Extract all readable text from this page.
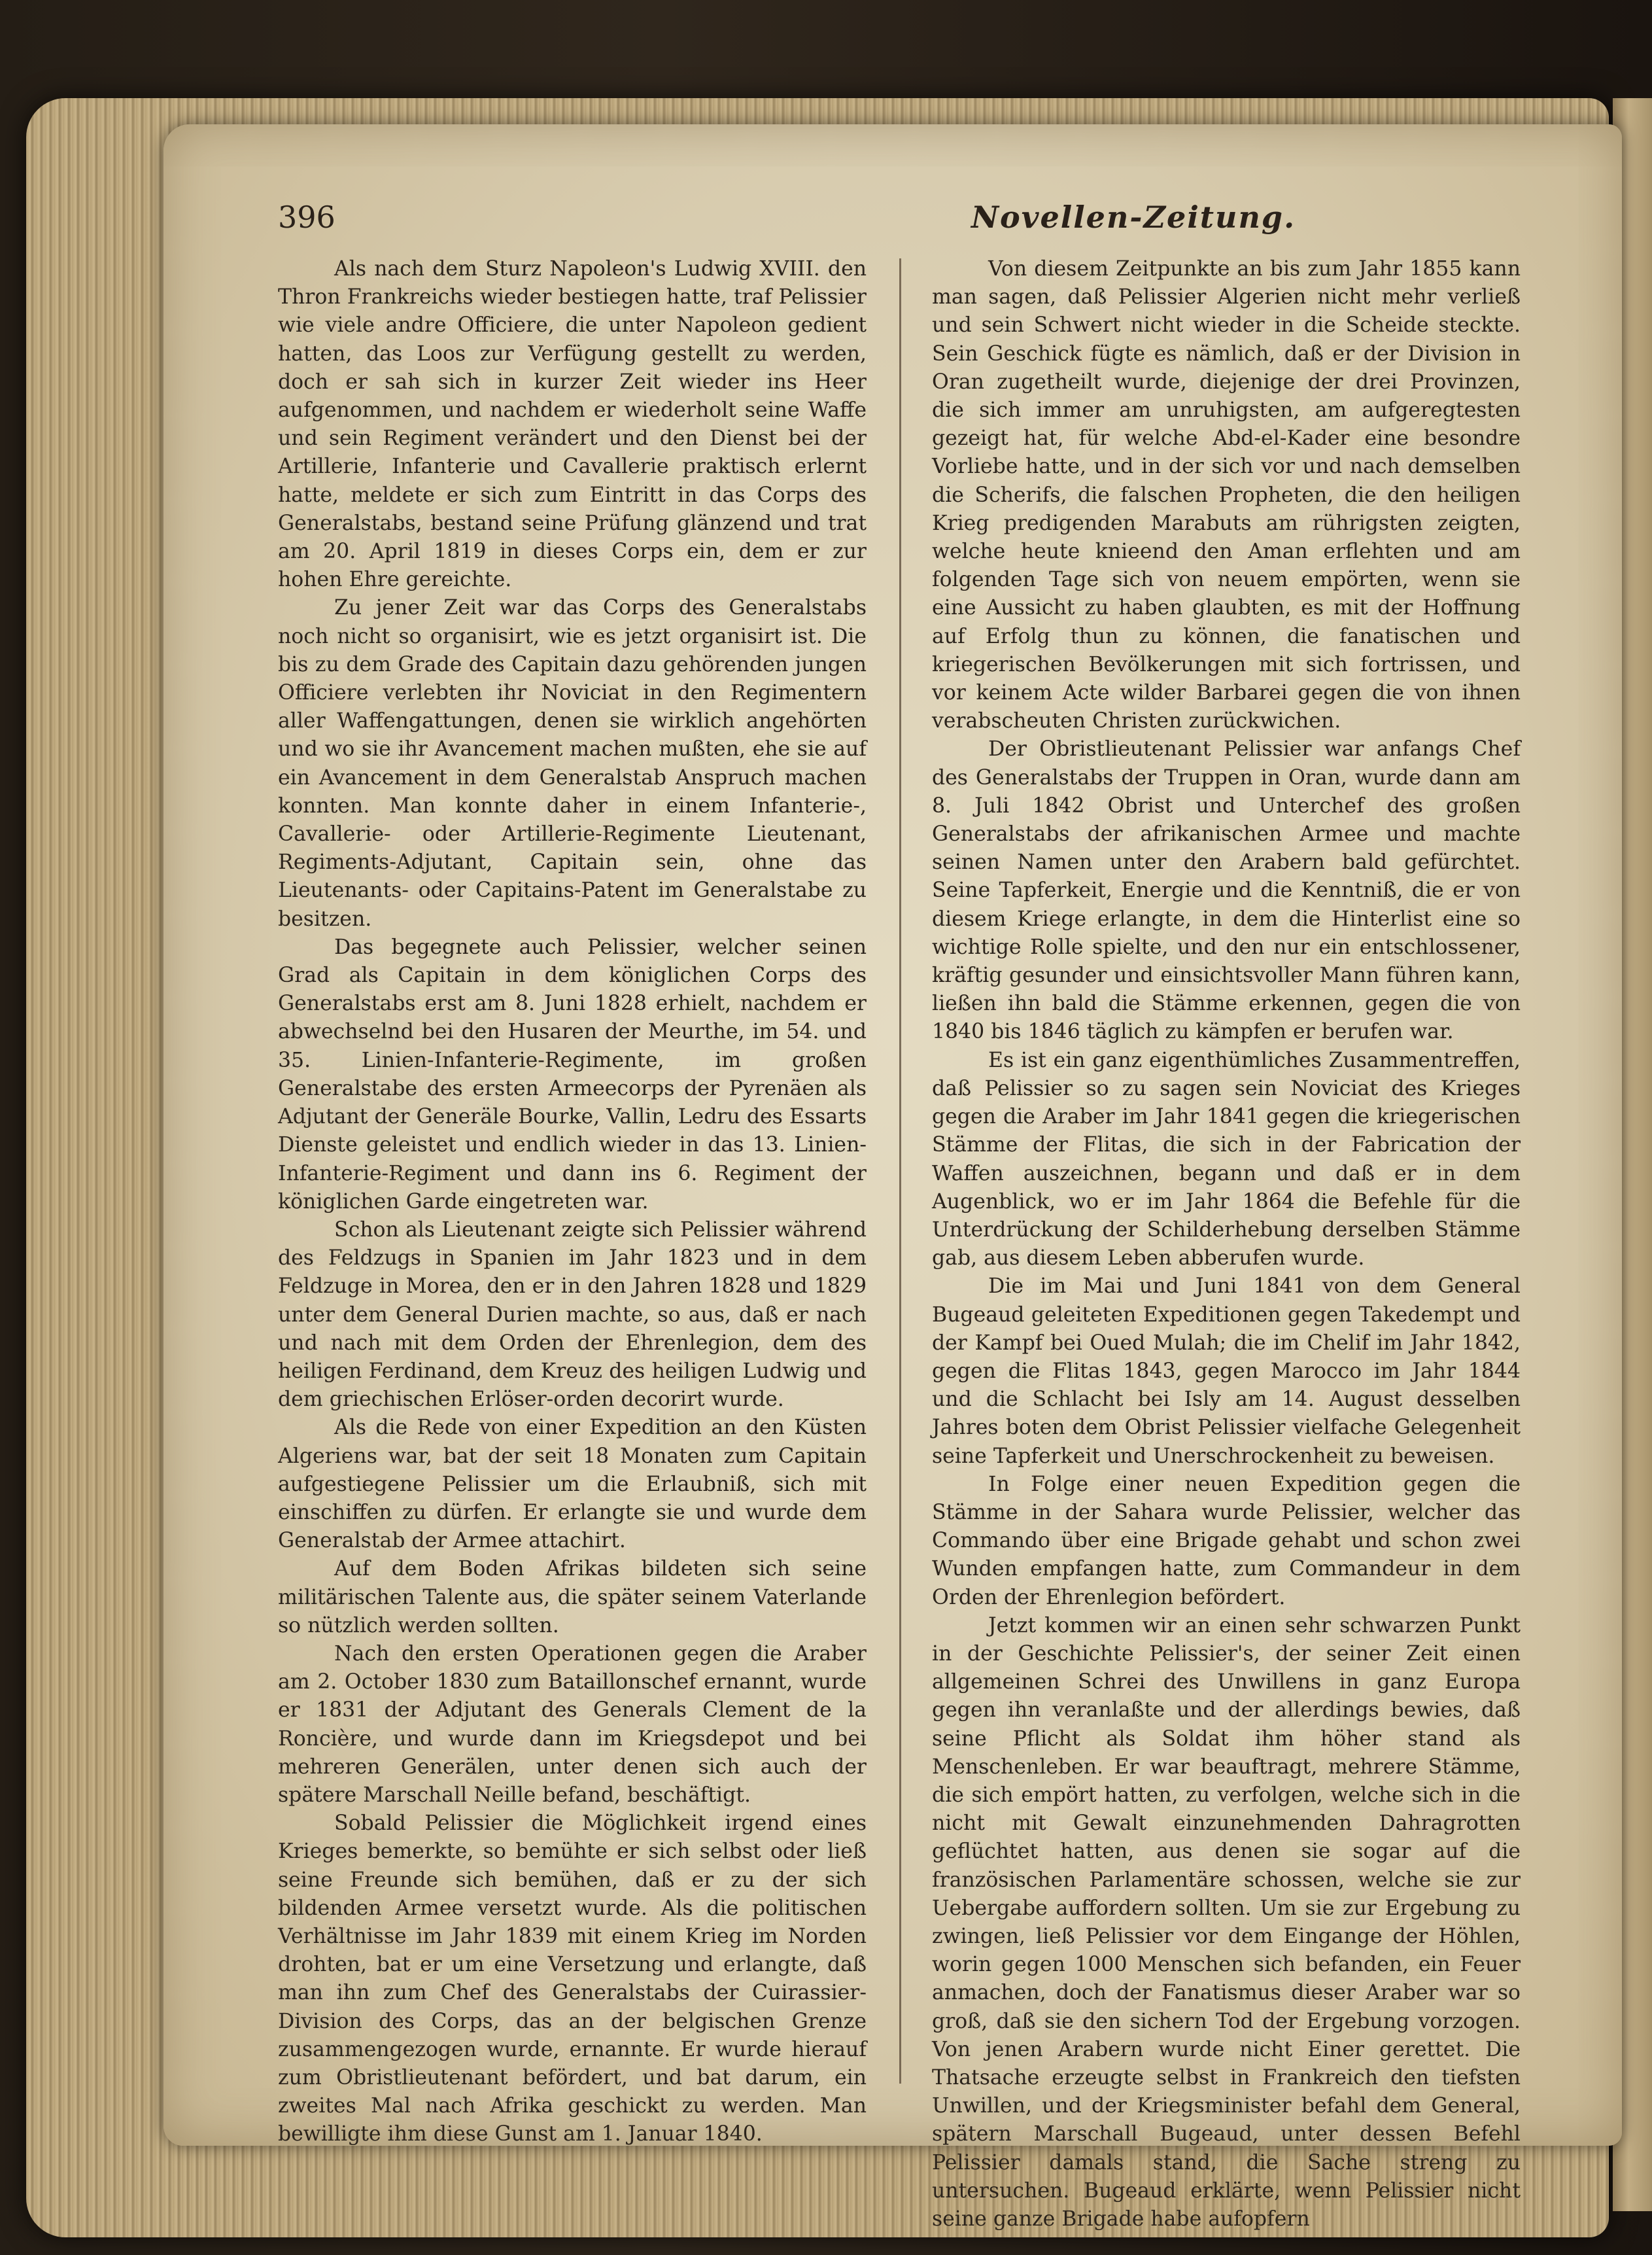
396	Novellen-Zeitung.

Als nach dem Sturz Napoleon's Ludwig XVIII. den Thron Frankreichs wieder bestiegen hatte, traf Pelissier wie viele andre Officiere, die unter Napoleon gedient hatten, das Loos zur Verfügung gestellt zu werden, doch er sah sich in kurzer Zeit wieder ins Heer aufgenommen, und nachdem er wiederholt seine Waffe und sein Regiment verändert und den Dienst bei der Artillerie, Infanterie und Cavallerie praktisch erlernt hatte, meldete er sich zum Eintritt in das Corps des Generalstabs, bestand seine Prüfung glänzend und trat am 20. April 1819 in dieses Corps ein, dem er zur hohen Ehre gereichte.

Zu jener Zeit war das Corps des Generalstabs noch nicht so organisirt, wie es jetzt organisirt ist. Die bis zu dem Grade des Capitain dazu gehörenden jungen Officiere verlebten ihr Noviciat in den Regimentern aller Waffengattungen, denen sie wirklich angehörten und wo sie ihr Avancement machen mußten, ehe sie auf ein Avancement in dem Generalstab Anspruch machen konnten. Man konnte daher in einem Infanterie-, Cavallerie- oder Artillerie-Regimente Lieutenant, Regiments-Adjutant, Capitain sein, ohne das Lieutenants- oder Capitains-Patent im Generalstabe zu besitzen.

Das begegnete auch Pelissier, welcher seinen Grad als Capitain in dem königlichen Corps des Generalstabs erst am 8. Juni 1828 erhielt, nachdem er abwechselnd bei den Husaren der Meurthe, im 54. und 35. Linien-Infanterie-Regimente, im großen Generalstabe des ersten Armeecorps der Pyrenäen als Adjutant der Generäle Bourke, Vallin, Ledru des Essarts Dienste geleistet und endlich wieder in das 13. Linien-Infanterie-Regiment und dann ins 6. Regiment der königlichen Garde eingetreten war.

Schon als Lieutenant zeigte sich Pelissier während des Feldzugs in Spanien im Jahr 1823 und in dem Feldzuge in Morea, den er in den Jahren 1828 und 1829 unter dem General Durien machte, so aus, daß er nach und nach mit dem Orden der Ehrenlegion, dem des heiligen Ferdinand, dem Kreuz des heiligen Ludwig und dem griechischen Erlöser-orden decorirt wurde.

Als die Rede von einer Expedition an den Küsten Algeriens war, bat der seit 18 Monaten zum Capitain aufgestiegene Pelissier um die Erlaubniß, sich mit einschiffen zu dürfen. Er erlangte sie und wurde dem Generalstab der Armee attachirt.

Auf dem Boden Afrikas bildeten sich seine militärischen Talente aus, die später seinem Vaterlande so nützlich werden sollten.

Nach den ersten Operationen gegen die Araber am 2. October 1830 zum Bataillonschef ernannt, wurde er 1831 der Adjutant des Generals Clement de la Roncière, und wurde dann im Kriegsdepot und bei mehreren Generälen, unter denen sich auch der spätere Marschall Neille befand, beschäftigt.

Sobald Pelissier die Möglichkeit irgend eines Krieges bemerkte, so bemühte er sich selbst oder ließ seine Freunde sich bemühen, daß er zu der sich bildenden Armee versetzt wurde. Als die politischen Verhältnisse im Jahr 1839 mit einem Krieg im Norden drohten, bat er um eine Versetzung und erlangte, daß man ihn zum Chef des Generalstabs der Cuirassier-Division des Corps, das an der belgischen Grenze zusammengezogen wurde, ernannte. Er wurde hierauf zum Obristlieutenant befördert, und bat darum, ein zweites Mal nach Afrika geschickt zu werden. Man bewilligte ihm diese Gunst am 1. Januar 1840.

Von diesem Zeitpunkte an bis zum Jahr 1855 kann man sagen, daß Pelissier Algerien nicht mehr verließ und sein Schwert nicht wieder in die Scheide steckte. Sein Geschick fügte es nämlich, daß er der Division in Oran zugetheilt wurde, diejenige der drei Provinzen, die sich immer am unruhigsten, am aufgeregtesten gezeigt hat, für welche Abd-el-Kader eine besondre Vorliebe hatte, und in der sich vor und nach demselben die Scherifs, die falschen Propheten, die den heiligen Krieg predigenden Marabuts am rührigsten zeigten, welche heute knieend den Aman erflehten und am folgenden Tage sich von neuem empörten, wenn sie eine Aussicht zu haben glaubten, es mit der Hoffnung auf Erfolg thun zu können, die fanatischen und kriegerischen Bevölkerungen mit sich fortrissen, und vor keinem Acte wilder Barbarei gegen die von ihnen verabscheuten Christen zurückwichen.

Der Obristlieutenant Pelissier war anfangs Chef des Generalstabs der Truppen in Oran, wurde dann am 8. Juli 1842 Obrist und Unterchef des großen Generalstabs der afrikanischen Armee und machte seinen Namen unter den Arabern bald gefürchtet. Seine Tapferkeit, Energie und die Kenntniß, die er von diesem Kriege erlangte, in dem die Hinterlist eine so wichtige Rolle spielte, und den nur ein entschlossener, kräftig gesunder und einsichtsvoller Mann führen kann, ließen ihn bald die Stämme erkennen, gegen die von 1840 bis 1846 täglich zu kämpfen er berufen war.

Es ist ein ganz eigenthümliches Zusammentreffen, daß Pelissier so zu sagen sein Noviciat des Krieges gegen die Araber im Jahr 1841 gegen die kriegerischen Stämme der Flitas, die sich in der Fabrication der Waffen auszeichnen, begann und daß er in dem Augenblick, wo er im Jahr 1864 die Befehle für die Unterdrückung der Schilderhebung derselben Stämme gab, aus diesem Leben abberufen wurde.

Die im Mai und Juni 1841 von dem General Bugeaud geleiteten Expeditionen gegen Takedempt und der Kampf bei Oued Mulah; die im Chelif im Jahr 1842, gegen die Flitas 1843, gegen Marocco im Jahr 1844 und die Schlacht bei Isly am 14. August desselben Jahres boten dem Obrist Pelissier vielfache Gelegenheit seine Tapferkeit und Unerschrockenheit zu beweisen.

In Folge einer neuen Expedition gegen die Stämme in der Sahara wurde Pelissier, welcher das Commando über eine Brigade gehabt und schon zwei Wunden empfangen hatte, zum Commandeur in dem Orden der Ehrenlegion befördert.

Jetzt kommen wir an einen sehr schwarzen Punkt in der Geschichte Pelissier's, der seiner Zeit einen allgemeinen Schrei des Unwillens in ganz Europa gegen ihn veranlaßte und der allerdings bewies, daß seine Pflicht als Soldat ihm höher stand als Menschenleben. Er war beauftragt, mehrere Stämme, die sich empört hatten, zu verfolgen, welche sich in die nicht mit Gewalt einzunehmenden Dahragrotten geflüchtet hatten, aus denen sie sogar auf die französischen Parlamentäre schossen, welche sie zur Uebergabe auffordern sollten. Um sie zur Ergebung zu zwingen, ließ Pelissier vor dem Eingange der Höhlen, worin gegen 1000 Menschen sich befanden, ein Feuer anmachen, doch der Fanatismus dieser Araber war so groß, daß sie den sichern Tod der Ergebung vorzogen. Von jenen Arabern wurde nicht Einer gerettet. Die Thatsache erzeugte selbst in Frankreich den tiefsten Unwillen, und der Kriegsminister befahl dem General, spätern Marschall Bugeaud, unter dessen Befehl Pelissier damals stand, die Sache streng zu untersuchen. Bugeaud erklärte, wenn Pelissier nicht seine ganze Brigade habe aufopfern
